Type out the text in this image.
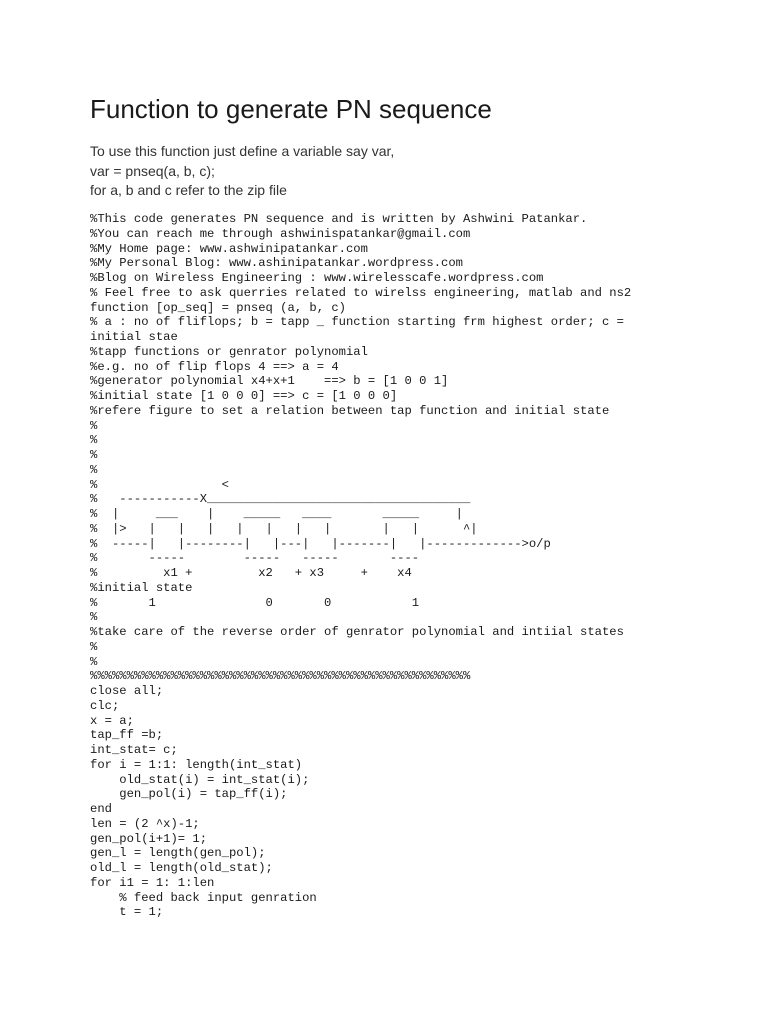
Function to generate PN sequence
To use this function just define a variable say var,
var = pnseq(a, b, c);
for a, b and c refer to the zip file
%This code generates PN sequence and is written by Ashwini Patankar.
%You can reach me through ashwinispatankar@gmail.com
%My Home page: www.ashwinipatankar.com
%My Personal Blog: www.ashinipatankar.wordpress.com
%Blog on Wireless Engineering : www.wirelesscafe.wordpress.com
% Feel free to ask querries related to wirelss engineering, matlab and ns2
function [op_seq] = pnseq (a, b, c)
% a : no of fliflops; b = tapp _ function starting frm highest order; c =
initial stae
%tapp functions or genrator polynomial
%e.g. no of flip flops 4 ==> a = 4
%generator polynomial x4+x+1    ==> b = [1 0 0 1]
%initial state [1 0 0 0] ==> c = [1 0 0 0]
%refere figure to set a relation between tap function and initial state
%
%
%
%
%                 <
%   -----------X____________________________________
%  |     ___    |    _____   ____       _____     |
%  |>   |   |   |   |   |   |   |       |   |      ^|
%  -----|   |--------|   |---|   |-------|   |------------->o/p
%       -----        -----   -----       ----
%         x1 +         x2   + x3     +    x4
%initial state
%       1               0       0           1
%
%take care of the reverse order of genrator polynomial and intiial states
%
%
%%%%%%%%%%%%%%%%%%%%%%%%%%%%%%%%%%%%%%%%%%%%%%%%%%%%
close all;
clc;
x = a;
tap_ff =b;
int_stat= c;
for i = 1:1: length(int_stat)
old_stat(i) = int_stat(i);
gen_pol(i) = tap_ff(i);
end
len = (2 ^x)-1;
gen_pol(i+1)= 1;
gen_l = length(gen_pol);
old_l = length(old_stat);
for i1 = 1: 1:len
% feed back input genration
t = 1;
